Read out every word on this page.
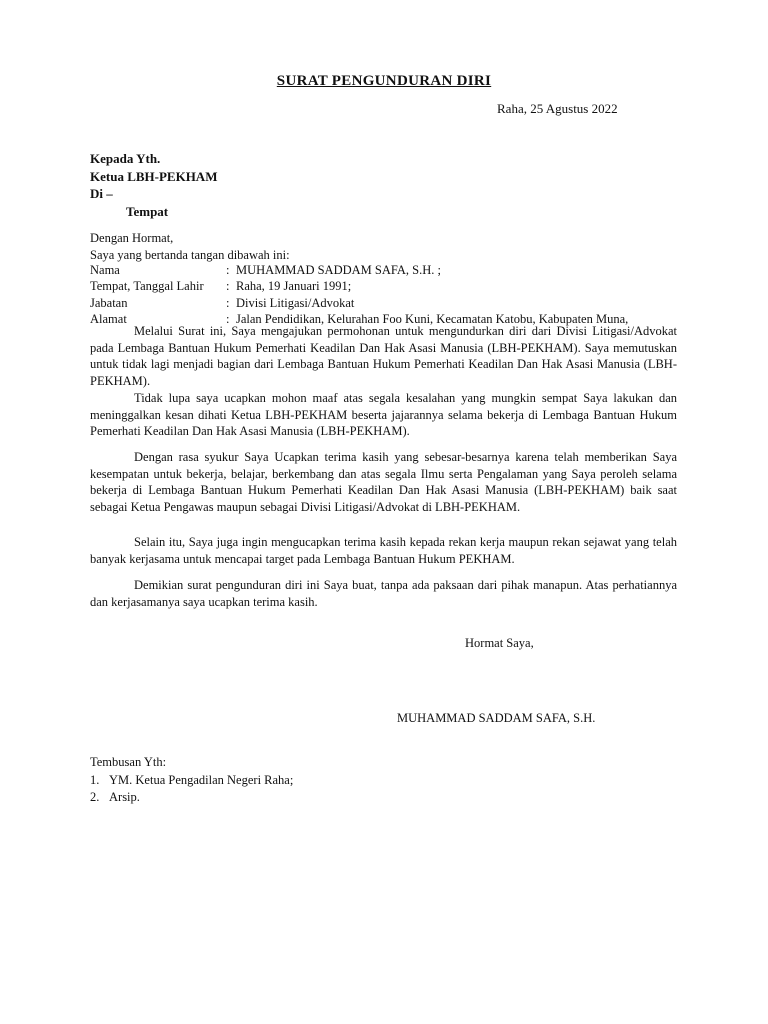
SURAT PENGUNDURAN DIRI
Raha, 25 Agustus 2022
Kepada Yth.
Ketua LBH-PEKHAM
Di –
Tempat
Dengan Hormat,
Saya yang bertanda tangan dibawah ini:
Nama	: MUHAMMAD SADDAM SAFA, S.H. ;
Tempat, Tanggal Lahir	: Raha, 19 Januari 1991;
Jabatan	: Divisi Litigasi/Advokat
Alamat	: Jalan Pendidikan, Kelurahan Foo Kuni, Kecamatan Katobu, Kabupaten Muna,

Melalui Surat ini, Saya mengajukan permohonan untuk mengundurkan diri dari Divisi Litigasi/Advokat pada Lembaga Bantuan Hukum Pemerhati Keadilan Dan Hak Asasi Manusia (LBH-PEKHAM). Saya memutuskan untuk tidak lagi menjadi bagian dari Lembaga Bantuan Hukum Pemerhati Keadilan Dan Hak Asasi Manusia (LBH-PEKHAM).

Tidak lupa saya ucapkan mohon maaf atas segala kesalahan yang mungkin sempat Saya lakukan dan meninggalkan kesan dihati Ketua LBH-PEKHAM beserta jajarannya selama bekerja di Lembaga Bantuan Hukum Pemerhati Keadilan Dan Hak Asasi Manusia (LBH-PEKHAM).

Dengan rasa syukur Saya Ucapkan terima kasih yang sebesar-besarnya karena telah memberikan Saya kesempatan untuk bekerja, belajar, berkembang dan atas segala Ilmu serta Pengalaman yang Saya peroleh selama bekerja di Lembaga Bantuan Hukum Pemerhati Keadilan Dan Hak Asasi Manusia (LBH-PEKHAM) baik saat sebagai Ketua Pengawas maupun sebagai Divisi Litigasi/Advokat di LBH-PEKHAM.

Selain itu, Saya juga ingin mengucapkan terima kasih kepada rekan kerja maupun rekan sejawat yang telah banyak kerjasama untuk mencapai target pada Lembaga Bantuan Hukum PEKHAM.

Demikian surat pengunduran diri ini Saya buat, tanpa ada paksaan dari pihak manapun. Atas perhatiannya dan kerjasamanya saya ucapkan terima kasih.

Hormat Saya,
MUHAMMAD SADDAM SAFA, S.H.
Tembusan Yth:
1. YM. Ketua Pengadilan Negeri Raha;
2. Arsip.
